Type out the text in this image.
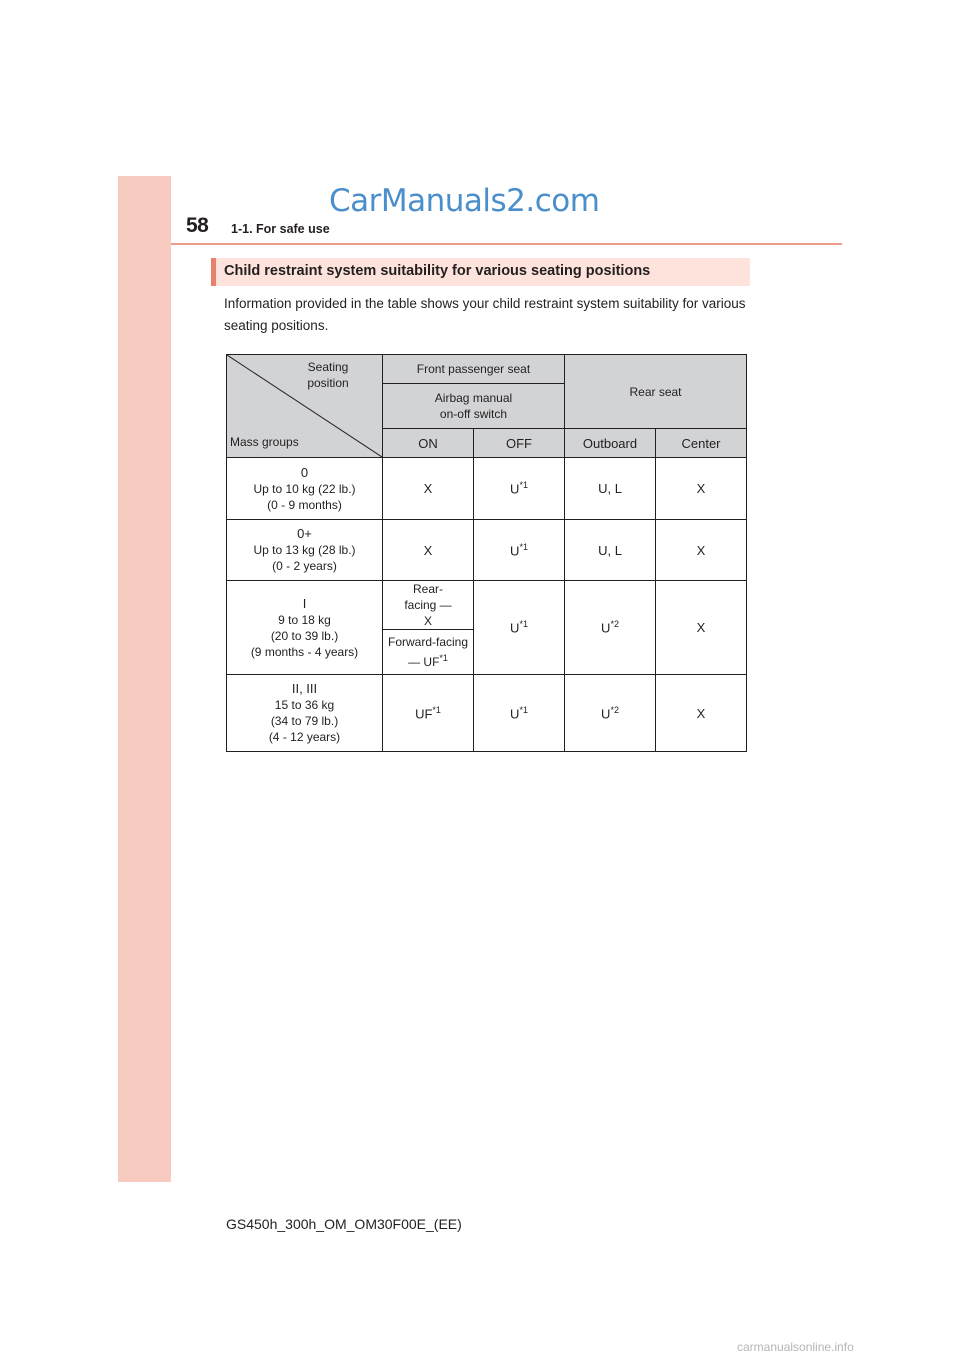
58 1-1. For safe use
CarManuals2.com
Child restraint system suitability for various seating positions
Information provided in the table shows your child restraint system suitability for various seating positions.
Seating position
Mass groups	Front passenger seat		Rear seat	
	Airbag manual on-off switch			
	ON	OFF	Outboard	Center

0
Up to 10 kg (22 lb.)
(0 - 9 months)	X	$U^{*1}$	U, L	X

0+
Up to 13 kg (28 lb.)
(0 - 2 years)	X	$U^{*1}$	U, L	X

I
9 to 18 kg
(20 to 39 lb.)
(9 months - 4 years)	Rear-facing — X	$U^{*1}$	$U^{*2}$	X
	Forward-facing — UF$^{*1}$

II, III
15 to 36 kg
(34 to 79 lb.)
(4 - 12 years)	UF$^{*1}$	$U^{*1}$	$U^{*2}$	X
GS450h_300h_OM_OM30F00E_(EE)
carmanualsonline.info
